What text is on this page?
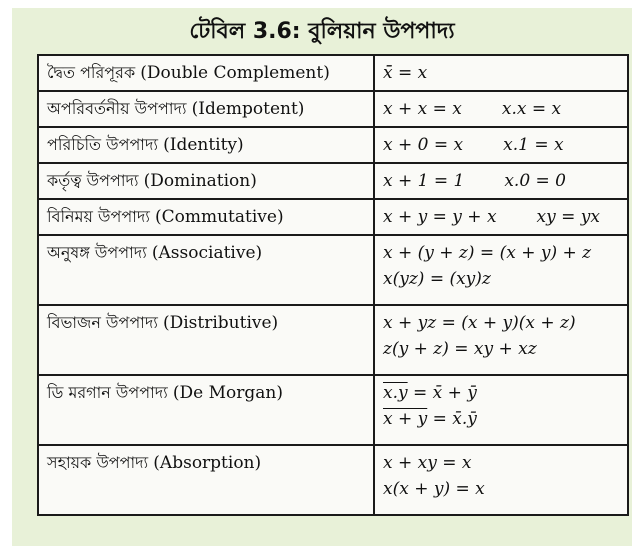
টেবিল 3.6: বুলিয়ান উপপাদ্য
দ্বৈত পরিপূরক (Double Complement)	x̄̄ = x
অপরিবর্তনীয় উপপাদ্য (Idempotent)	x + x = x x.x = x
পরিচিতি উপপাদ্য (Identity)	x + 0 = x x.1 = x
কর্তৃত্ব উপপাদ্য (Domination)	x + 1 = 1 x.0 = 0
বিনিময় উপপাদ্য (Commutative)	x + y = y + x xy = yx
অনুষঙ্গ উপপাদ্য (Associative)	x + (y + z) = (x + y) + z
x(yz) = (xy)z

বিভাজন উপপাদ্য (Distributive)	x + yz = (x + y)(x + z)
z(y + z) = xy + xz

ডি মরগান উপপাদ্য (De Morgan)	x.y = x̄ + ȳ
x + y = x̄.ȳ

সহায়ক উপপাদ্য (Absorption)	x + xy = x
x(x + y) = x
